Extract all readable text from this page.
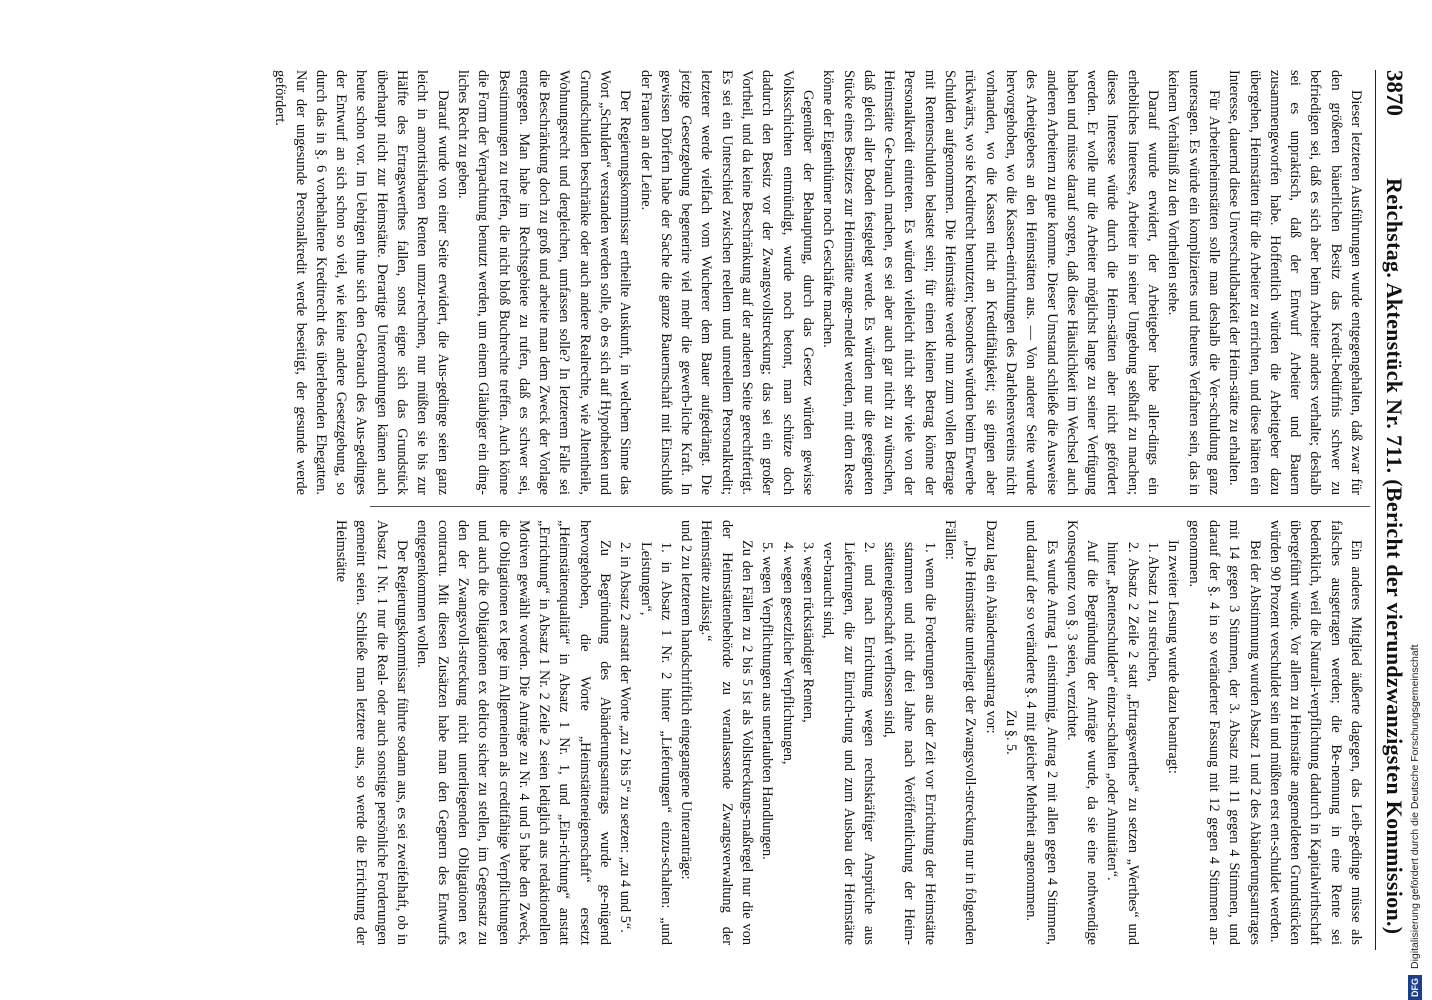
3870
Reichstag. Aktenstück Nr. 711. (Bericht der vierundzwanzigsten Kommission.)

Dieser letzteren Ausführungen wurde entgegengehalten, daß zwar für den größeren bäuerlichen Besitz das Kredit-bedürfnis schwer zu befriedigen sei, daß es sich aber beim Arbeiter anders verhalte; deshalb sei es unpraktisch, daß der Entwurf Arbeiter und Bauern zusammengeworfen habe. Hoffentlich würden die Arbeitgeber dazu übergehen, Heimstätten für die Arbeiter zu errichten, und diese hätten ein Interesse, dauernd diese Unverschuldbarkeit der Heim-stätte zu erhalten.

Für Arbeiterheimstätten solle man deshalb die Ver-schuldung ganz untersagen. Es würde ein kompliziertes und theures Verfahren sein, das in keinem Verhältniß zu den Vortheilen stehe.

Darauf wurde erwidert, der Arbeitgeber habe aller-dings ein erhebliches Interesse, Arbeiter in seiner Umgebung seßhaft zu machen; dieses Interesse würde durch die Heim-stätten aber nicht gefördert werden. Er wolle nur die Arbeiter möglichst lange zu seiner Verfügung haben und müsse darauf sorgen, daß diese Häuslichkeit im Wechsel auch anderen Arbeitern zu gute komme. Dieser Umstand schließe die Ausweise des Arbeitgebers an den Heimstätten aus. — Von anderer Seite wurde hervorgehoben, wo die Kassen-einrichtungen des Darlehensvereins nicht vorhanden, wo die Kassen nicht an Kreditfähigkeit; sie gingen aber rückwärts, wo sie Kreditrecht benutzten; besonders würden beim Erwerbe Schulden aufgenommen. Die Heimstätte werde nun zum vollen Betrage mit Rentenschulden belastet sein; für einen kleinen Betrag könne der Personalkredit eintreten. Es würden vielleicht nicht sehr viele von der Heimstätte Ge-brauch machen, es sei aber auch gar nicht zu wünschen, daß gleich aller Boden festgelegt werde. Es würden nur die geeigneten Stücke eines Besitzes zur Heimstätte ange-meldet werden, mit dem Reste könne der Eigenthümer noch Geschäfte machen.

Gegenüber der Behauptung, durch das Gesetz würden gewisse Volksschichten entmündigt, wurde noch betont, man schütze doch dadurch den Besitz vor der Zwangsvollstreckung; das sei ein großer Vortheil, und da keine Beschränkung auf der anderen Seite gerechtfertigt. Es sei ein Unterschied zwischen reellem und unreellem Personalkredit; letzterer werde vielfach vom Wucherer dem Bauer aufgedrängt. Die jetzige Gesetzgebung begenerire viel mehr die gewerb-liche Kraft. In gewissen Dörfern habe der Sache die ganze Bauernschaft mit Einschluß der Frauen an der Leine.

Der Regierungskommissar ertheilte Auskunft, in welchem Sinne das Wort „Schulden“ verstanden werden solle, ob es sich auf Hypotheken und Grundschulden beschränke oder auch andere Realrechte, wie Altentheile, Wohnungsrecht und dergleichen, umfassen solle? In letzterem Falle sei die Beschränkung doch zu groß und arbeite man dem Zweck der Vorlage entgegen. Man habe im Rechtsgebiete zu rufen, daß es schwer sei, Bestimmungen zu treffen, die nicht bloß Buchrechte treffen. Auch könne die Form der Verpachtung benutzt werden, um einem Gläubiger ein ding-liches Recht zu geben.

Darauf wurde von einer Seite erwidert, die Aus-gedinge seien ganz leicht in amortisirbaren Renten umzu-rechnen, nur müßten sie bis zur Hälfte des Ertragswerthes fallen, sonst eigne sich das Grundstück überhaupt nicht zur Heimstätte. Derartige Unterordnungen kämen auch heute schon vor. Im Uebrigen thue sich den Gebrauch des Aus-gedinges der Entwurf an sich schon so viel, wie keine andere Gesetzgebung, so durch das in §. 6 vorbehaltene Kreditrecht des überlebenden Ehegatten. Nur der ungesunde Personalkredit werde beseitigt, der gesunde werde gefördert.

Ein anderes Mitglied äußerte dagegen, das Leib-gedinge müsse als falsches ausgetragen werden; die Be-nennung in eine Rente sei bedenklich, weil die Naturali-verpflichtung dadurch in Kapitalwirthschaft übergeführt würde. Vor allem zu Heimstätte angemeldeten Grundstücken würden 90 Prozent verschuldet sein und müßten erst ent-schuldet werden.

Bei der Abstimmung wurden Absatz 1 und 2 des Abänderungsantrages mit 14 gegen 3 Stimmen, der 3. Absatz mit 11 gegen 4 Stimmen, und darauf der §. 4 in so veränderter Fassung mit 12 gegen 4 Stimmen an-genommen.

In zweiter Lesung wurde dazu beantragt:

1. Absatz 1 zu streichen,

2. Absatz 2 Zeile 2 statt „Ertragswerthes“ zu setzen „Werthes“ und hinter „Rentenschulden“ einzu-schalten „oder Annuitäten“.

Auf die Begründung der Anträge wurde, da sie eine nothwendige Konsequenz von §. 3 seien, verzichtet.

Es wurde Antrag 1 einstimmig, Antrag 2 mit allen gegen 4 Stimmen, und darauf der so veränderte §. 4 mit gleicher Mehrheit angenommen.

Zu §. 5.

Dazu lag ein Abänderungsantrag vor:

„Die Heimstätte unterliegt der Zwangsvoll-streckung nur in folgenden Fällen:

1. wenn die Forderungen aus der Zeit vor Errichtung der Heimstätte stammen und nicht drei Jahre nach Veröffentlichung der Heim-stätteneigenschaft verflossen sind,

2. und nach Errichtung wegen rechtskräftiger Ansprüche aus Lieferungen, die zur Einrich-tung und zum Ausbau der Heimstätte ver-braucht sind,

3. wegen rückständiger Renten,

4. wegen gesetzlicher Verpflichtungen,

5. wegen Verpflichtungen aus unerlaubten Handlungen.

Zu den Fällen zu 2 bis 5 ist als Vollstreckungs-maßregel nur die von der Heimstättenbehörde zu veranlassende Zwangsverwaltung der Heimstätte zulässig.“

und 2 zu letzterem handschriftlich eingegangene Unteranträge:

1. in Absatz 1 Nr. 2 hinter „Lieferungen“ einzu-schalten: „und Leistungen“,

2. in Absatz 2 anstatt der Worte „zu 2 bis 5“ zu setzen: „zu 4 und 5“.

Zu Begründung des Abänderungsantrags wurde ge-nügend hervorgehoben, die Worte „Heimstätteneigenschaft“ ersetzt „Heimstättenqualität“ in Absatz 1 Nr. 1, und „Ein-richtung“ anstatt „Errichtung“ in Absatz 1 Nr. 2 Zeile 2 seien lediglich aus redaktionellen Motiven gewählt worden. Die Anträge zu Nr. 4 und 5 habe den Zweck, die Obligationen ex lege im Allgemeinen als creditfähige Verpflichtungen und auch die Obligationen ex delicto sicher zu stellen, im Gegensatz zu den der Zwangsvoll-streckung nicht unterliegenden Obligationen ex contractu. Mit diesen Zusätzen habe man den Gegnern des Entwurfs entgegenkommen wollen.

Der Regierungskommissar führte sodann aus, es sei zweifelhaft, ob in Absatz 1 Nr. 1 nur die Real- oder auch sonstige persönliche Forderungen gemeint seien. Schließe man letztere aus, so werde die Errichtung der Heimstätte

DFGDigitalisierung gefördert durch die Deutsche Forschungsgemeinschaft
